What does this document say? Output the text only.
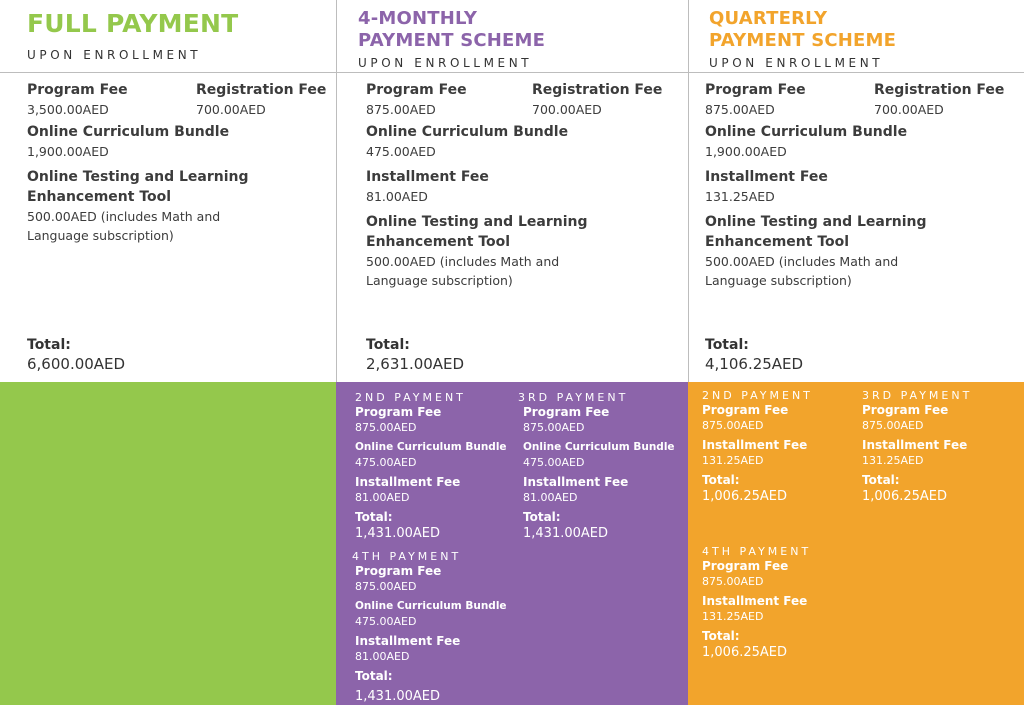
FULL PAYMENT
UPON ENROLLMENT
Program Fee
3,500.00AED
Registration Fee
700.00AED
Online Curriculum Bundle
1,900.00AED
Online Testing and Learning
Enhancement Tool
500.00AED (includes Math and
Language subscription)
Total:
6,600.00AED
4-MONTHLY
PAYMENT SCHEME
UPON ENROLLMENT
Program Fee
875.00AED
Registration Fee
700.00AED
Online Curriculum Bundle
475.00AED
Installment Fee
81.00AED
Online Testing and Learning
Enhancement Tool
500.00AED (includes Math and
Language subscription)
Total:
2,631.00AED
QUARTERLY
PAYMENT SCHEME
UPON ENROLLMENT
Program Fee
875.00AED
Registration Fee
700.00AED
Online Curriculum Bundle
1,900.00AED
Installment Fee
131.25AED
Online Testing and Learning
Enhancement Tool
500.00AED (includes Math and
Language subscription)
Total:
4,106.25AED
2ND PAYMENT
Program Fee
875.00AED
Online Curriculum Bundle
475.00AED
Installment Fee
81.00AED
Total:
1,431.00AED
3RD PAYMENT
Program Fee
875.00AED
Online Curriculum Bundle
475.00AED
Installment Fee
81.00AED
Total:
1,431.00AED
4TH PAYMENT
Program Fee
875.00AED
Online Curriculum Bundle
475.00AED
Installment Fee
81.00AED
Total:
1,431.00AED
2ND PAYMENT
Program Fee
875.00AED
Installment Fee
131.25AED
Total:
1,006.25AED
3RD PAYMENT
Program Fee
875.00AED
Installment Fee
131.25AED
Total:
1,006.25AED
4TH PAYMENT
Program Fee
875.00AED
Installment Fee
131.25AED
Total:
1,006.25AED
